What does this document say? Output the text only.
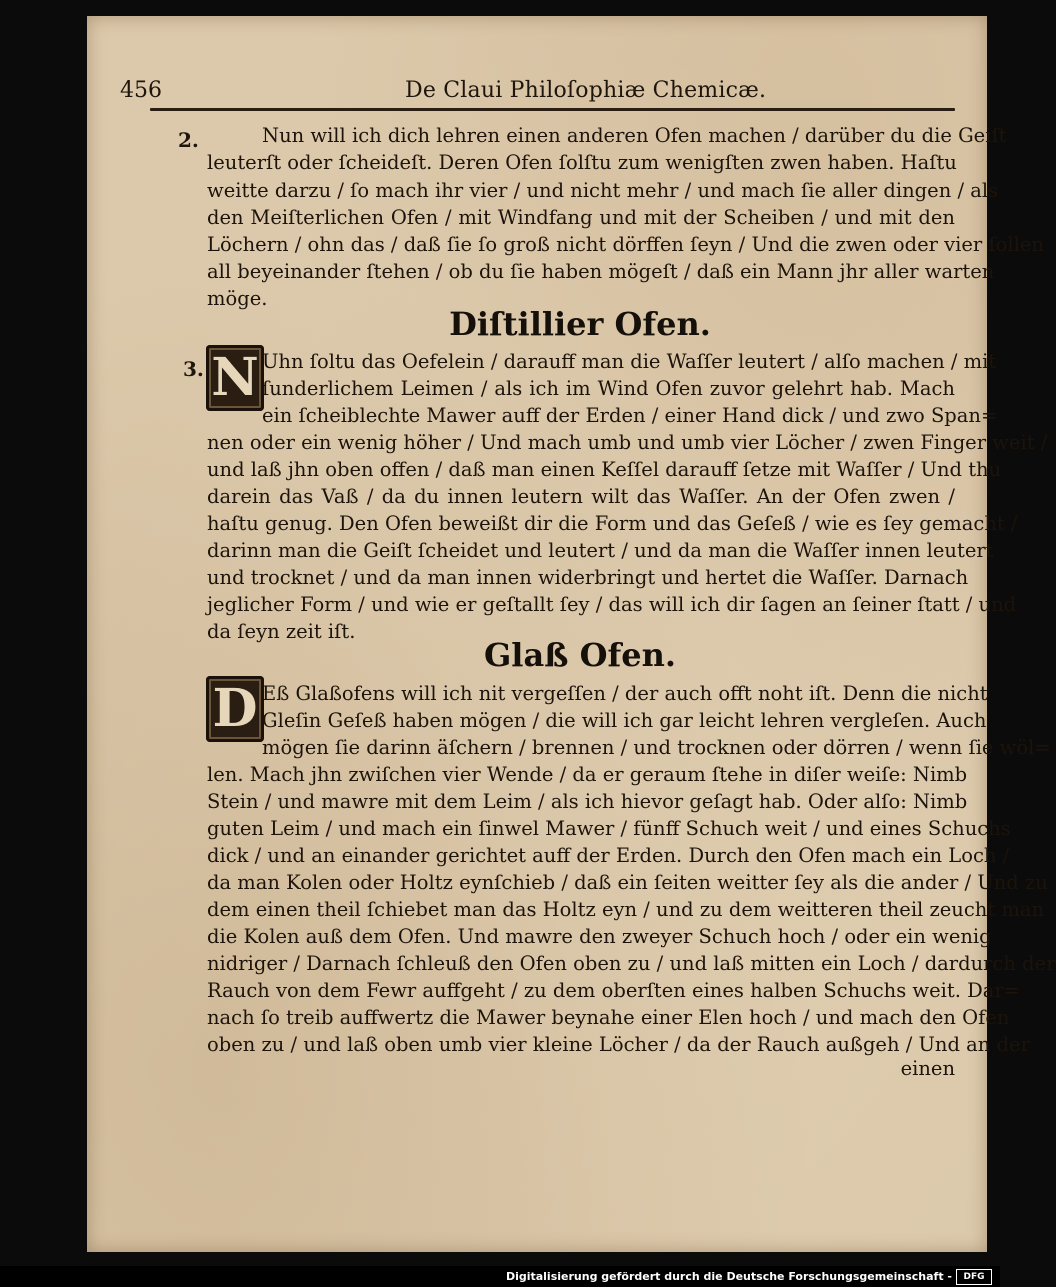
456	De Claui Philoſophiæ Chemicæ.
2.	Nun will ich dich lehren einen anderen Ofen machen / darüber du die Geiſt
leuterſt oder ſcheideſt. Deren Ofen ſolſtu zum wenigſten zwen haben. Haſtu
weitte darzu / ſo mach ihr vier / und nicht mehr / und mach ſie aller dingen / als
den Meiſterlichen Ofen / mit Windfang und mit der Scheiben / und mit den
Löchern / ohn das / daß ſie ſo groß nicht dörffen ſeyn / Und die zwen oder vier ſollen
all beyeinander ſtehen / ob du ſie haben mögeſt / daß ein Mann jhr aller warten
möge.
Diſtillier Ofen.
3. N Uhn ſoltu das Oefelein / darauff man die Waſſer leutert / alſo machen / mit
ſunderlichem Leimen / als ich im Wind Ofen zuvor gelehrt hab. Mach
ein ſcheiblechte Mawer auff der Erden / einer Hand dick / und zwo Span=
nen oder ein wenig höher / Und mach umb und umb vier Löcher / zwen Finger weit /
und laß jhn oben offen / daß man einen Keſſel darauff ſetze mit Waſſer / Und thu
darein das Vaß / da du innen leutern wilt das Waſſer. An der Ofen zwen /
haſtu genug. Den Ofen beweißt dir die Form und das Geſeß / wie es ſey gemacht /
darinn man die Geiſt ſcheidet und leutert / und da man die Waſſer innen leutert
und trocknet / und da man innen widerbringt und hertet die Waſſer. Darnach
jeglicher Form / und wie er geſtallt ſey / das will ich dir ſagen an ſeiner ſtatt / und
da ſeyn zeit iſt.
Glaß Ofen.
D Eß Glaßofens will ich nit vergeſſen / der auch offt noht iſt. Denn die nicht
Gleſin Geſeß haben mögen / die will ich gar leicht lehren vergleſen. Auch
mögen ſie darinn äſchern / brennen / und trocknen oder dörren / wenn ſie wöl=
len. Mach jhn zwiſchen vier Wende / da er geraum ſtehe in diſer weiſe: Nimb
Stein / und mawre mit dem Leim / als ich hievor geſagt hab. Oder alſo: Nimb
guten Leim / und mach ein ſinwel Mawer / fünff Schuch weit / und eines Schuchs
dick / und an einander gerichtet auff der Erden. Durch den Ofen mach ein Loch /
da man Kolen oder Holtz eynſchieb / daß ein ſeiten weitter ſey als die ander / Und zu
dem einen theil ſchiebet man das Holtz eyn / und zu dem weitteren theil zeucht man
die Kolen auß dem Ofen. Und mawre den zweyer Schuch hoch / oder ein wenig
nidriger / Darnach ſchleuß den Ofen oben zu / und laß mitten ein Loch / dardurch der
Rauch von dem Fewr auffgeht / zu dem oberſten eines halben Schuchs weit. Dar=
nach ſo treib auffwertz die Mawer beynahe einer Elen hoch / und mach den Ofen
oben zu / und laß oben umb vier kleine Löcher / da der Rauch außgeh / Und an der
einen
Digitalisierung gefördert durch die Deutsche Forschungsgemeinschaft -	DFG
